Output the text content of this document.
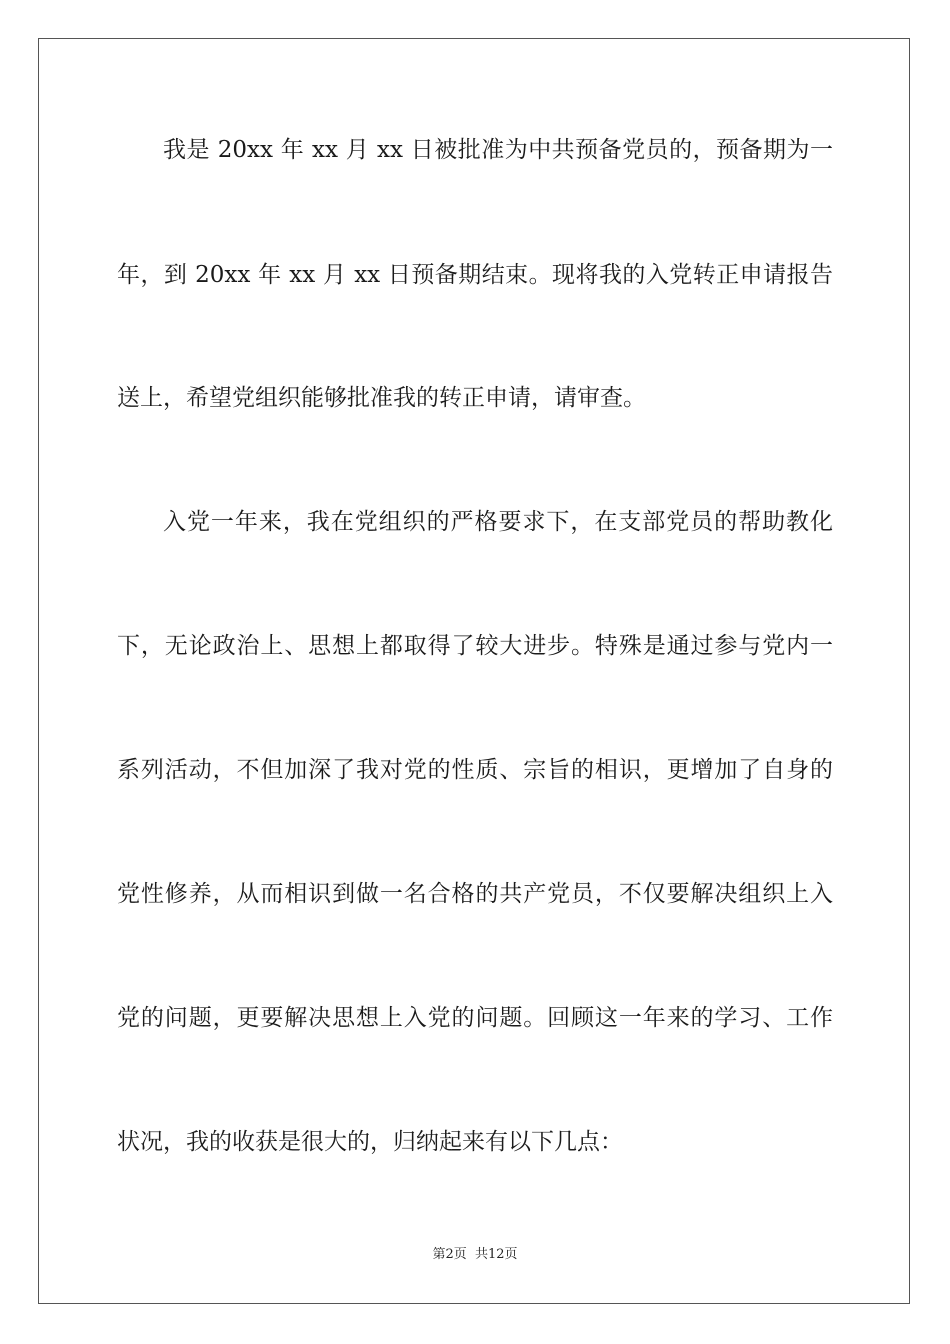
我是 20xx 年 xx 月 xx 日被批准为中共预备党员的，预备期为一
年，到 20xx 年 xx 月 xx 日预备期结束。现将我的入党转正申请报告
送上，希望党组织能够批准我的转正申请，请审查。
入党一年来，我在党组织的严格要求下，在支部党员的帮助教化
下，无论政治上、思想上都取得了较大进步。特殊是通过参与党内一
系列活动，不但加深了我对党的性质、宗旨的相识，更增加了自身的
党性修养，从而相识到做一名合格的共产党员，不仅要解决组织上入
党的问题，更要解决思想上入党的问题。回顾这一年来的学习、工作
状况，我的收获是很大的，归纳起来有以下几点：
第2页 共12页
